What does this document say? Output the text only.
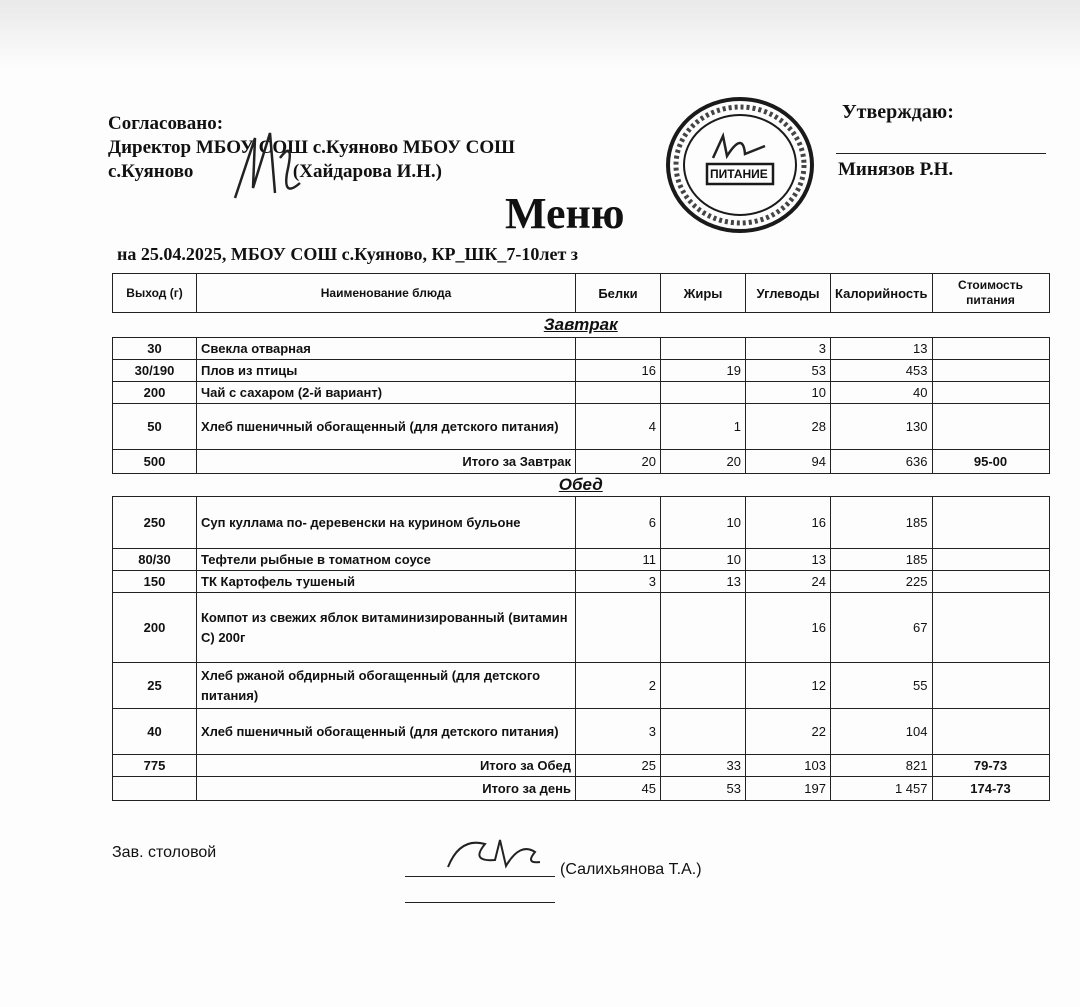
Согласовано:
Директор МБОУ СОШ с.Куяново МБОУ СОШ
с.Куяново	(Хайдарова И.Н.)	ПИТАНИЕ
Утверждаю:
Минязов Р.Н.
Меню
на 25.04.2025, МБОУ СОШ с.Куяново, КР_ШК_7-10лет з
Выход (г)	Наименование блюда	Белки	Жиры	Углеводы	Калорийность	Стоимость питания
Завтрак						
30	Свекла отварная			3	13	
30/190	Плов из птицы	16	19	53	453	
200	Чай с сахаром (2-й вариант)			10	40	
50	Хлеб пшеничный обогащенный (для детского питания)	4	1	28	130	
500	Итого за Завтрак	20	20	94	636	95-00
Обед						
250	Суп куллама по- деревенски на курином бульоне	6	10	16	185	
80/30	Тефтели рыбные в томатном соусе	11	10	13	185	
150	ТК Картофель тушеный	3	13	24	225	
200	Компот из свежих яблок витаминизированный (витамин С) 200г			16	67	
25	Хлеб ржаной обдирный обогащенный (для детского питания)	2		12	55	
40	Хлеб пшеничный обогащенный (для детского питания)	3		22	104	
775	Итого за Обед	25	33	103	821	79-73
	Итого за день	45	53	197	1 457	174-73
Зав. столовой
(Салихьянова Т.А.)
